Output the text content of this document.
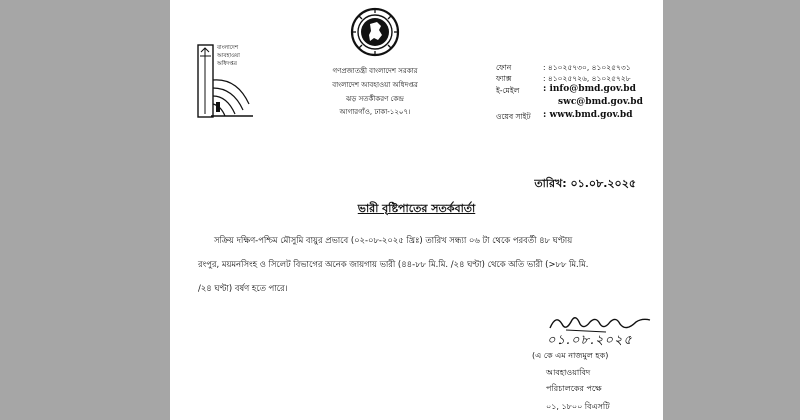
বাংলাদেশ
আবহাওয়া
অধিদপ্তর
গণপ্রজাতন্ত্রী বাংলাদেশ সরকার
বাংলাদেশ আবহাওয়া অধিদপ্তর
ঝড় সতর্কীকরণ কেন্দ্র
আগারগাঁও, ঢাকা-১২০৭।
ফোন	: ৪১০২৫৭৩০, ৪১০২৫৭৩১
ফ্যাক্স	: ৪১০২৫৭২৬, ৪১০২৫৭২৮
ই-মেইল	: info@bmd.gov.bd
swc@bmd.gov.bd
ওয়েব সাইট : www.bmd.gov.bd
তারিখ: ০১.০৮.২০২৫
ভারী বৃষ্টিপাতের সতর্কবার্তা
সক্রিয় দক্ষিণ-পশ্চিম মৌসুমি বায়ুর প্রভাবে (০২-০৮-২০২৫ খ্রিঃ) তারিখ সন্ধ্যা ০৬ টা থেকে পরবর্তী ৪৮ ঘণ্টায়
রংপুর, ময়মনসিংহ ও সিলেট বিভাগের অনেক জায়গায় ভারী (৪৪-৮৮ মি.মি. /২৪ ঘণ্টা) থেকে অতি ভারী (>৮৮ মি.মি.
/২৪ ঘণ্টা) বর্ষণ হতে পারে।
০১.০৮.২০২৫
(এ কে এম নাজমুল হক)
আবহাওয়াবিদ
পরিচালকের পক্ষে
০১, ১৮০০ বিএসটি
